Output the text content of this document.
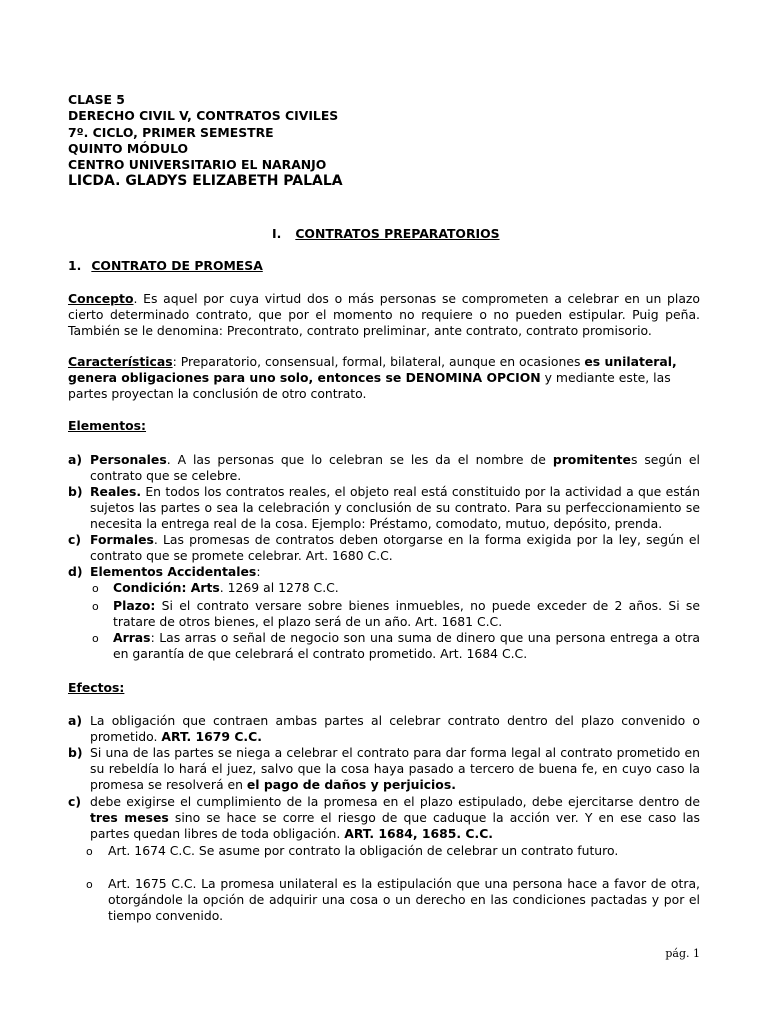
CLASE 5
DERECHO CIVIL V, CONTRATOS CIVILES
7º. CICLO, PRIMER SEMESTRE
QUINTO MÓDULO
CENTRO UNIVERSITARIO EL NARANJO
LICDA. GLADYS ELIZABETH PALALA
I. CONTRATOS PREPARATORIOS
1. CONTRATO DE PROMESA

Concepto. Es aquel por cuya virtud dos o más personas se comprometen a celebrar en un plazo cierto determinado contrato, que por el momento no requiere o no pueden estipular. Puig peña. También se le denomina: Precontrato, contrato preliminar, ante contrato, contrato promisorio.

Características: Preparatorio, consensual, formal, bilateral, aunque en ocasiones es unilateral, genera obligaciones para uno solo, entonces se DENOMINA OPCION y mediante este, las partes proyectan la conclusión de otro contrato.

Elementos:
a) Personales. A las personas que lo celebran se les da el nombre de promitentes según el contrato que se celebre.

b) Reales. En todos los contratos reales, el objeto real está constituido por la actividad a que están sujetos las partes o sea la celebración y conclusión de su contrato. Para su perfeccionamiento se necesita la entrega real de la cosa. Ejemplo: Préstamo, comodato, mutuo, depósito, prenda.

c) Formales. Las promesas de contratos deben otorgarse en la forma exigida por la ley, según el contrato que se promete celebrar. Art. 1680 C.C.

d) Elementos Accidentales:

o Condición: Arts. 1269 al 1278 C.C.

o Plazo: Si el contrato versare sobre bienes inmuebles, no puede exceder de 2 años. Si se tratare de otros bienes, el plazo será de un año. Art. 1681 C.C.

o Arras: Las arras o señal de negocio son una suma de dinero que una persona entrega a otra en garantía de que celebrará el contrato prometido. Art. 1684 C.C.

Efectos:
a) La obligación que contraen ambas partes al celebrar contrato dentro del plazo convenido o prometido. ART. 1679 C.C.

b) Si una de las partes se niega a celebrar el contrato para dar forma legal al contrato prometido en su rebeldía lo hará el juez, salvo que la cosa haya pasado a tercero de buena fe, en cuyo caso la promesa se resolverá en el pago de daños y perjuicios.

c) debe exigirse el cumplimiento de la promesa en el plazo estipulado, debe ejercitarse dentro de tres meses sino se hace se corre el riesgo de que caduque la acción ver. Y en ese caso las partes quedan libres de toda obligación. ART. 1684, 1685. C.C.

o Art. 1674 C.C. Se asume por contrato la obligación de celebrar un contrato futuro.

o Art. 1675 C.C. La promesa unilateral es la estipulación que una persona hace a favor de otra, otorgándole la opción de adquirir una cosa o un derecho en las condiciones pactadas y por el tiempo convenido.

pág. 1
